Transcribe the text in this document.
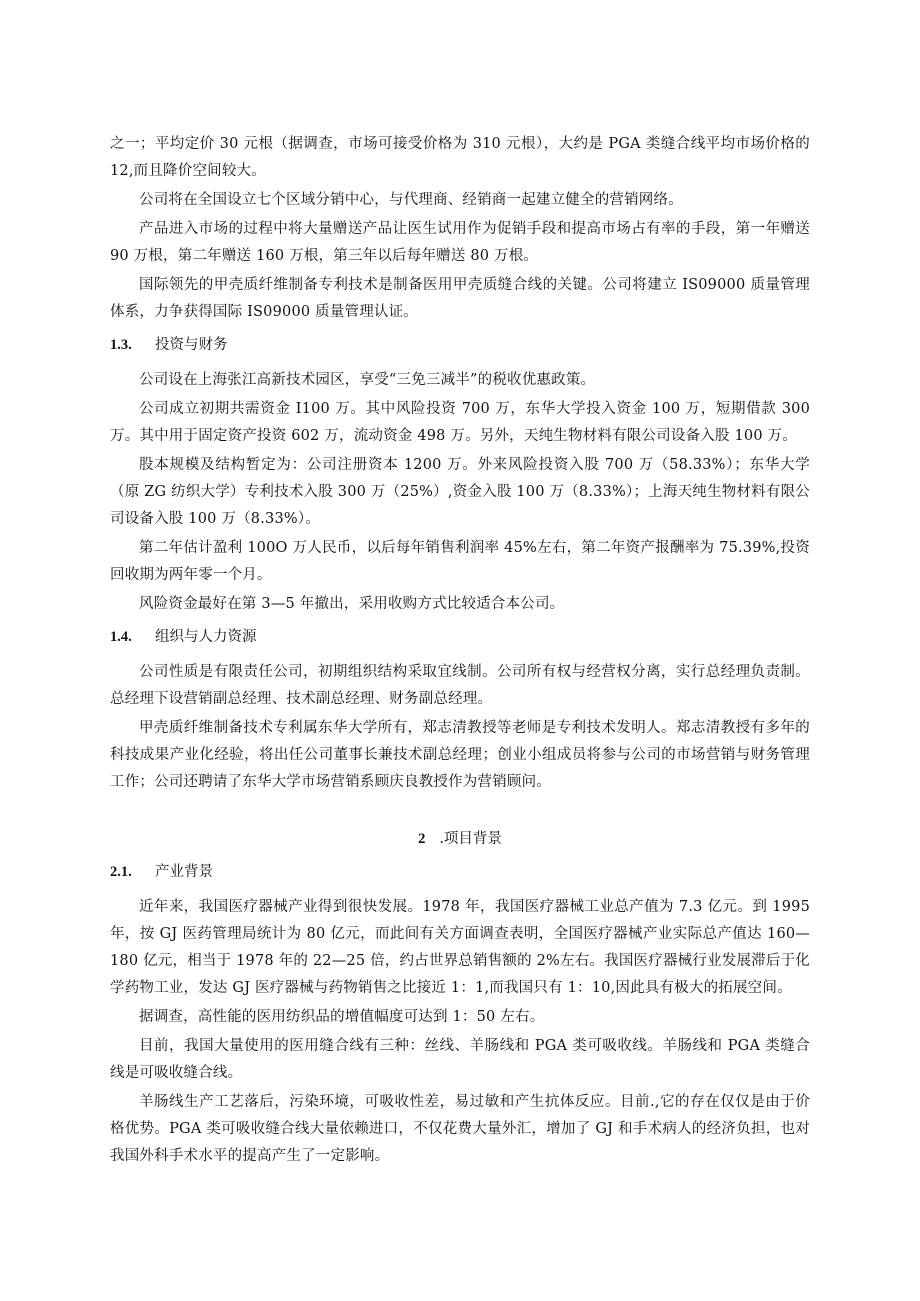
之一；平均定价 30 元根（据调查，市场可接受价格为 310 元根），大约是 PGA 类缝合线平均市场价格的 12,而且降价空间较大。

公司将在全国设立七个区域分销中心，与代理商、经销商一起建立健全的营销网络。

产品进入市场的过程中将大量赠送产品让医生试用作为促销手段和提高市场占有率的手段，第一年赠送 90 万根，第二年赠送 160 万根，第三年以后每年赠送 80 万根。

国际领先的甲壳质纤维制备专利技术是制备医用甲壳质缝合线的关键。公司将建立 IS09000 质量管理体系，力争获得国际 IS09000 质量管理认证。

1.3.	投资与财务

公司设在上海张江高新技术园区，享受“三免三减半”的税收优惠政策。

公司成立初期共需资金 I100 万。其中风险投资 700 万，东华大学投入资金 100 万，短期借款 300 万。其中用于固定资产投资 602 万，流动资金 498 万。另外，天纯生物材料有限公司设备入股 100 万。

股本规模及结构暂定为：公司注册资本 1200 万。外来风险投资入股 700 万（58.33%）；东华大学（原 ZG 纺织大学）专利技术入股 300 万（25%）,资金入股 100 万（8.33%）；上海天纯生物材料有限公司设备入股 100 万（8.33%）。

第二年估计盈利 100O 万人民币，以后每年销售利润率 45%左右，第二年资产报酬率为 75.39%,投资回收期为两年零一个月。

风险资金最好在第 3—5 年撤出，采用收购方式比较适合本公司。

1.4.	组织与人力资源

公司性质是有限责任公司，初期组织结构采取宜线制。公司所有权与经营权分离，实行总经理负责制。总经理下设营销副总经理、技术副总经理、财务副总经理。

甲壳质纤维制备技术专利属东华大学所有，郑志清教授等老师是专利技术发明人。郑志清教授有多年的科技成果产业化经验，将出任公司董事长兼技术副总经理；创业小组成员将参与公司的市场营销与财务管理工作；公司还聘请了东华大学市场营销系顾庆良教授作为营销顾问。

2 .项目背景
2.1.	产业背景

近年来，我国医疗器械产业得到很快发展。1978 年，我国医疗器械工业总产值为 7.3 亿元。到 1995 年，按 GJ 医药管理局统计为 80 亿元，而此间有关方面调查表明，全国医疗器械产业实际总产值达 160—180 亿元，相当于 1978 年的 22—25 倍，约占世界总销售额的 2%左右。我国医疗器械行业发展滞后于化学药物工业，发达 GJ 医疗器械与药物销售之比接近 1：1,而我国只有 1：10,因此具有极大的拓展空间。

据调查，高性能的医用纺织品的增值幅度可达到 1：50 左右。

目前，我国大量使用的医用缝合线有三种：丝线、羊肠线和 PGA 类可吸收线。羊肠线和 PGA 类缝合线是可吸收缝合线。

羊肠线生产工艺落后，污染环境，可吸收性差，易过敏和产生抗体反应。目前.,它的存在仅仅是由于价格优势。PGA 类可吸收缝合线大量依赖进口，不仅花费大量外汇，增加了 GJ 和手术病人的经济负担，也对我国外科手术水平的提高产生了一定影响。
